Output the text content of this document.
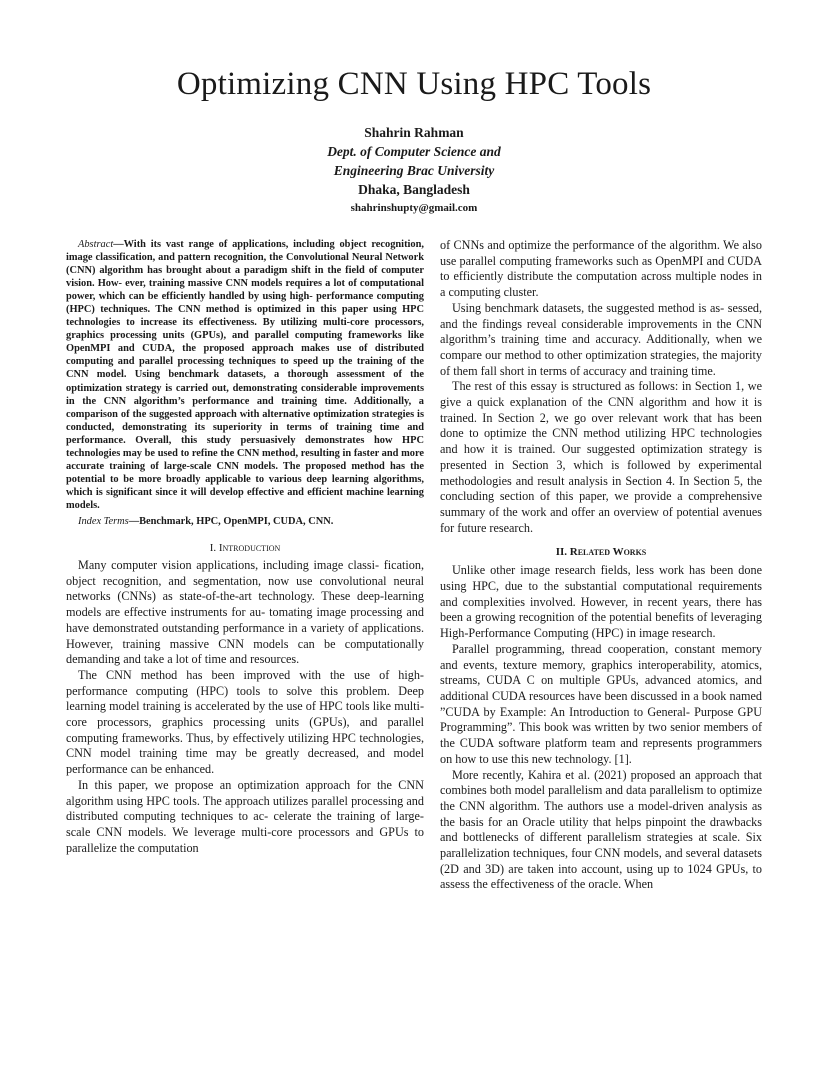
Optimizing CNN Using HPC Tools
Shahrin Rahman
Dept. of Computer Science and
Engineering Brac University
Dhaka, Bangladesh
shahrinshupty@gmail.com

Abstract—With its vast range of applications, including object recognition, image classification, and pattern recognition, the Convolutional Neural Network (CNN) algorithm has brought about a paradigm shift in the field of computer vision. How- ever, training massive CNN models requires a lot of computational power, which can be efficiently handled by using high- performance computing (HPC) techniques. The CNN method is optimized in this paper using HPC technologies to increase its effectiveness. By utilizing multi-core processors, graphics processing units (GPUs), and parallel computing frameworks like OpenMPI and CUDA, the proposed approach makes use of distributed computing and parallel processing techniques to speed up the training of the CNN model. Using benchmark datasets, a thorough assessment of the optimization strategy is carried out, demonstrating considerable improvements in the CNN algorithm’s performance and training time. Additionally, a comparison of the suggested approach with alternative optimization strategies is conducted, demonstrating its superiority in terms of training time and performance. Overall, this study persuasively demonstrates how HPC technologies may be used to refine the CNN method, resulting in faster and more accurate training of large-scale CNN models. The proposed method has the potential to be more broadly applicable to various deep learning algorithms, which is significant since it will develop effective and efficient machine learning models.

Index Terms—Benchmark, HPC, OpenMPI, CUDA, CNN.

I. Introduction

Many computer vision applications, including image classi- fication, object recognition, and segmentation, now use convolutional neural networks (CNNs) as state-of-the-art technology. These deep-learning models are effective instruments for au- tomating image processing and have demonstrated outstanding performance in a variety of applications. However, training massive CNN models can be computationally demanding and take a lot of time and resources.

The CNN method has been improved with the use of high- performance computing (HPC) tools to solve this problem. Deep learning model training is accelerated by the use of HPC tools like multi-core processors, graphics processing units (GPUs), and parallel computing frameworks. Thus, by effectively utilizing HPC technologies, CNN model training time may be greatly decreased, and model performance can be enhanced.

In this paper, we propose an optimization approach for the CNN algorithm using HPC tools. The approach utilizes parallel processing and distributed computing techniques to ac- celerate the training of large-scale CNN models. We leverage multi-core processors and GPUs to parallelize the computation

of CNNs and optimize the performance of the algorithm. We also use parallel computing frameworks such as OpenMPI and CUDA to efficiently distribute the computation across multiple nodes in a computing cluster.

Using benchmark datasets, the suggested method is as- sessed, and the findings reveal considerable improvements in the CNN algorithm’s training time and accuracy. Additionally, when we compare our method to other optimization strategies, the majority of them fall short in terms of accuracy and training time.

The rest of this essay is structured as follows: in Section 1, we give a quick explanation of the CNN algorithm and how it is trained. In Section 2, we go over relevant work that has been done to optimize the CNN method utilizing HPC technologies and how it is trained. Our suggested optimization strategy is presented in Section 3, which is followed by experimental methodologies and result analysis in Section 4. In Section 5, the concluding section of this paper, we provide a comprehensive summary of the work and offer an overview of potential avenues for future research.

II. Related Works

Unlike other image research fields, less work has been done using HPC, due to the substantial computational requirements and complexities involved. However, in recent years, there has been a growing recognition of the potential benefits of leveraging High-Performance Computing (HPC) in image research.

Parallel programming, thread cooperation, constant memory and events, texture memory, graphics interoperability, atomics, streams, CUDA C on multiple GPUs, advanced atomics, and additional CUDA resources have been discussed in a book named ”CUDA by Example: An Introduction to General- Purpose GPU Programming”. This book was written by two senior members of the CUDA software platform team and represents programmers on how to use this new technology. [1].

More recently, Kahira et al. (2021) proposed an approach that combines both model parallelism and data parallelism to optimize the CNN algorithm. The authors use a model-driven analysis as the basis for an Oracle utility that helps pinpoint the drawbacks and bottlenecks of different parallelism strategies at scale. Six parallelization techniques, four CNN models, and several datasets (2D and 3D) are taken into account, using up to 1024 GPUs, to assess the effectiveness of the oracle. When
